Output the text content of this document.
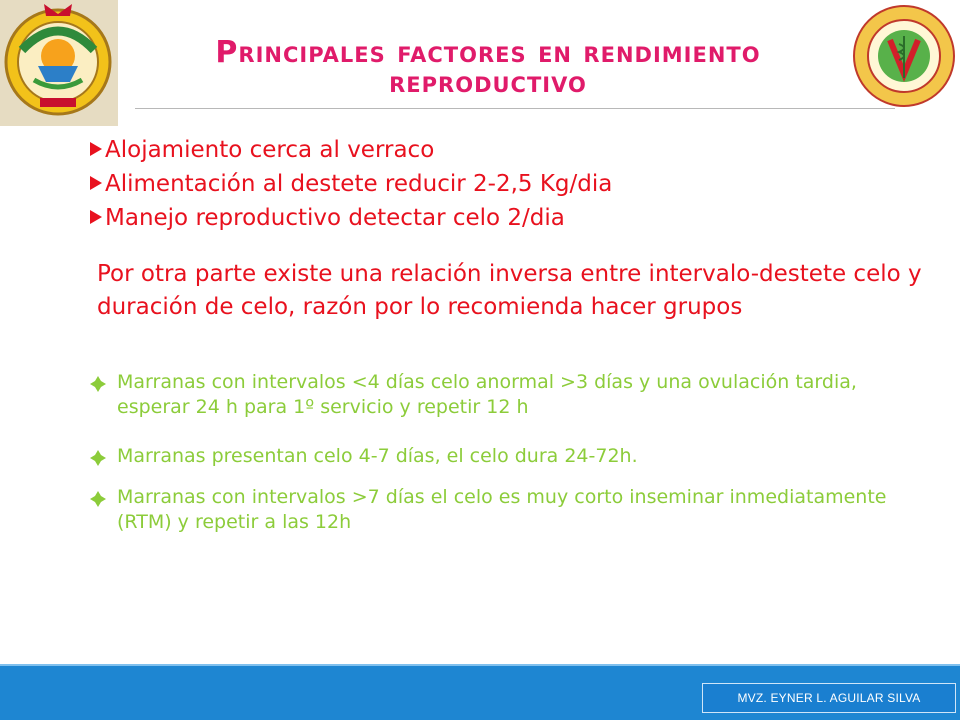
Principales factores en rendimiento
reproductivo
Alojamiento cerca al verraco
Alimentación al destete reducir 2-2,5 Kg/dia
Manejo reproductivo detectar celo 2/dia
Por otra parte existe una relación inversa entre intervalo-destete celo y duración de celo, razón por lo recomienda hacer grupos
Marranas con intervalos <4 días celo anormal >3 días y una ovulación tardia, esperar 24 h para 1º servicio y repetir 12 h
Marranas presentan celo 4-7 días, el celo dura 24-72h.
Marranas con intervalos >7 días el celo es muy corto inseminar inmediatamente (RTM) y repetir a las 12h
MVZ. EYNER L. AGUILAR SILVA
